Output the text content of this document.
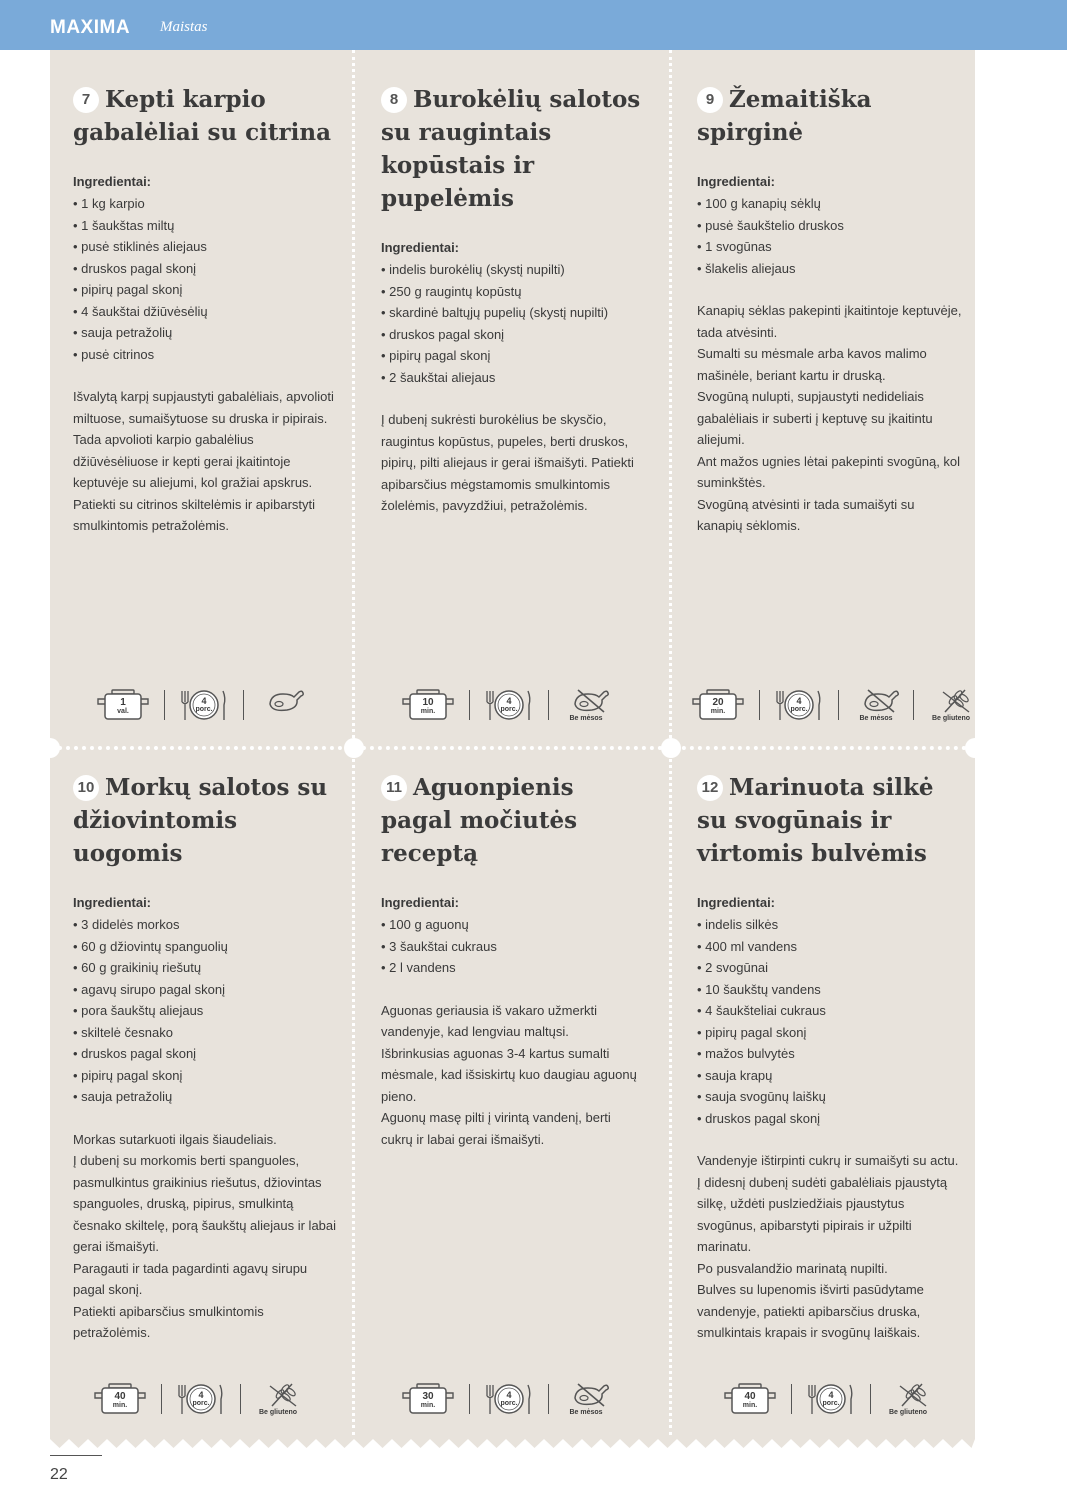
MAXIMA Maistas
7 Kepti karpio gabalėliai su citrina
Ingredientai:
• 1 kg karpio
• 1 šaukštas miltų
• pusė stiklinės aliejaus
• druskos pagal skonį
• pipirų pagal skonį
• 4 šaukštai džiūvėsėlių
• sauja petražolių
• pusė citrinos

Išvalytą karpį supjaustyti gabalėliais, apvolioti miltuose, sumaišytuose su druska ir pipirais.

Tada apvolioti karpio gabalėlius džiūvėsėliuose ir kepti gerai įkaitintoje keptuvėje su aliejumi, kol gražiai apskrus.

Patiekti su citrinos skiltelėmis ir apibarstyti smulkintomis petražolėmis.

1
val.
4
porc.
8 Burokėlių salotos su raugintais kopūstais ir pupelėmis
Ingredientai:
• indelis burokėlių (skystį nupilti)
• 250 g raugintų kopūstų
• skardinė baltųjų pupelių (skystį nupilti)
• druskos pagal skonį
• pipirų pagal skonį
• 2 šaukštai aliejaus

Į dubenį sukrėsti burokėlius be skysčio, raugintus kopūstus, pupeles, berti druskos, pipirų, pilti aliejaus ir gerai išmaišyti. Patiekti apibarsčius mėgstamomis smulkintomis žolelėmis, pavyzdžiui, petražolėmis.

10
min.
4
porc.
Be mėsos
9 Žemaitiška spirginė
Ingredientai:
• 100 g kanapių sėklų
• pusė šaukštelio druskos
• 1 svogūnas
• šlakelis aliejaus

Kanapių sėklas pakepinti įkaitintoje keptuvėje, tada atvėsinti.

Sumalti su mėsmale arba kavos malimo mašinėle, beriant kartu ir druską.

Svogūną nulupti, supjaustyti nedideliais gabalėliais ir suberti į keptuvę su įkaitintu aliejumi.

Ant mažos ugnies lėtai pakepinti svogūną, kol suminkštės.

Svogūną atvėsinti ir tada sumaišyti su kanapių sėklomis.

20
min.
4
porc.
Be mėsos	Be gliuteno
10 Morkų salotos su džiovintomis uogomis
Ingredientai:
• 3 didelės morkos
• 60 g džiovintų spanguolių
• 60 g graikinių riešutų
• agavų sirupo pagal skonį
• pora šaukštų aliejaus
• skiltelė česnako
• druskos pagal skonį
• pipirų pagal skonį
• sauja petražolių

Morkas sutarkuoti ilgais šiaudeliais.

Į dubenį su morkomis berti spanguoles, pasmulkintus graikinius riešutus, džiovintas spanguoles, druską, pipirus, smulkintą česnako skiltelę, porą šaukštų aliejaus ir labai gerai išmaišyti.

Paragauti ir tada pagardinti agavų sirupu pagal skonį.

Patiekti apibarsčius smulkintomis petražolėmis.

40
min.
4
porc.
Be gliuteno
11 Aguonpienis pagal močiutės receptą
Ingredientai:
• 100 g aguonų
• 3 šaukštai cukraus
• 2 l vandens

Aguonas geriausia iš vakaro užmerkti vandenyje, kad lengviau maltųsi.

Išbrinkusias aguonas 3-4 kartus sumalti mėsmale, kad išsiskirtų kuo daugiau aguonų pieno.

Aguonų masę pilti į virintą vandenį, berti cukrų ir labai gerai išmaišyti.

30
min.
4
porc.
Be mėsos
12 Marinuota silkė su svogūnais ir virtomis bulvėmis
Ingredientai:
• indelis silkės
• 400 ml vandens
• 2 svogūnai
• 10 šaukštų vandens
• 4 šaukšteliai cukraus
• pipirų pagal skonį
• mažos bulvytės
• sauja krapų
• sauja svogūnų laiškų
• druskos pagal skonį

Vandenyje ištirpinti cukrų ir sumaišyti su actu.

Į didesnį dubenį sudėti gabalėliais pjaustytą silkę, uždėti puslziedžiais pjaustytus svogūnus, apibarstyti pipirais ir užpilti marinatu.

Po pusvalandžio marinatą nupilti.

Bulves su lupenomis išvirti pasūdytame vandenyje, patiekti apibarsčius druska, smulkintais krapais ir svogūnų laiškais.

40
min.
4
porc.
Be gliuteno
22
